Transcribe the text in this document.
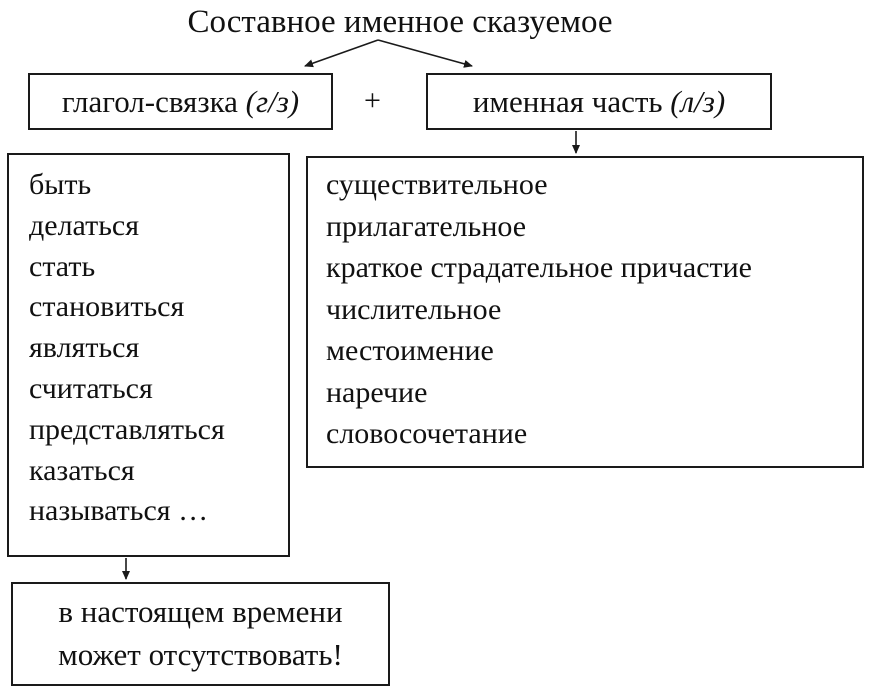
Составное именное сказуемое
глагол-связка (г/з)	+	именная часть (л/з)
быть
делаться
стать
становиться
являться
считаться
представляться
казаться
называться …
существительное
прилагательное
краткое страдательное причастие
числительное
местоимение
наречие
словосочетание
в настоящем времени
может отсутствовать!
